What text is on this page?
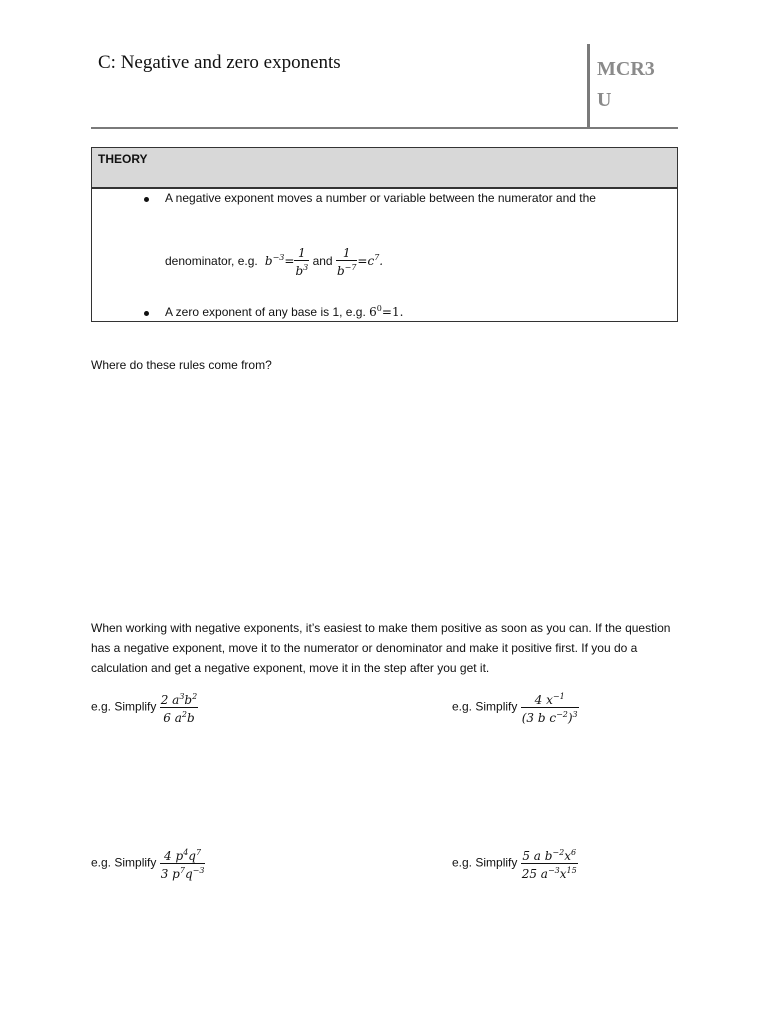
C: Negative and zero exponents	MCR3U
THEORY
A negative exponent moves a number or variable between the numerator and the
denominator, e.g.  $b^{-3}= \frac{1}{b^3}$ and $\frac{1}{b^{-7}} =c^7$.
A zero exponent of any base is 1, e.g. $6^0=1$.
Where do these rules come from?
When working with negative exponents, it’s easiest to make them positive as soon as you can. If the question has a negative exponent, move it to the numerator or denominator and make it positive first. If you do a calculation and get a negative exponent, move it in the step after you get it.
e.g. Simplify $\frac{2 a^3b^2}{6 a^2b}$	e.g. Simplify $\frac{4 x^{-1}}{(3 b c^{-2})^3}$
e.g. Simplify $\frac{4 p^4q^7}{3 p^7q^{-3}}$	e.g. Simplify $\frac{5 a b^{-2}x^6}{25 a^{-3}x^{15}}$
